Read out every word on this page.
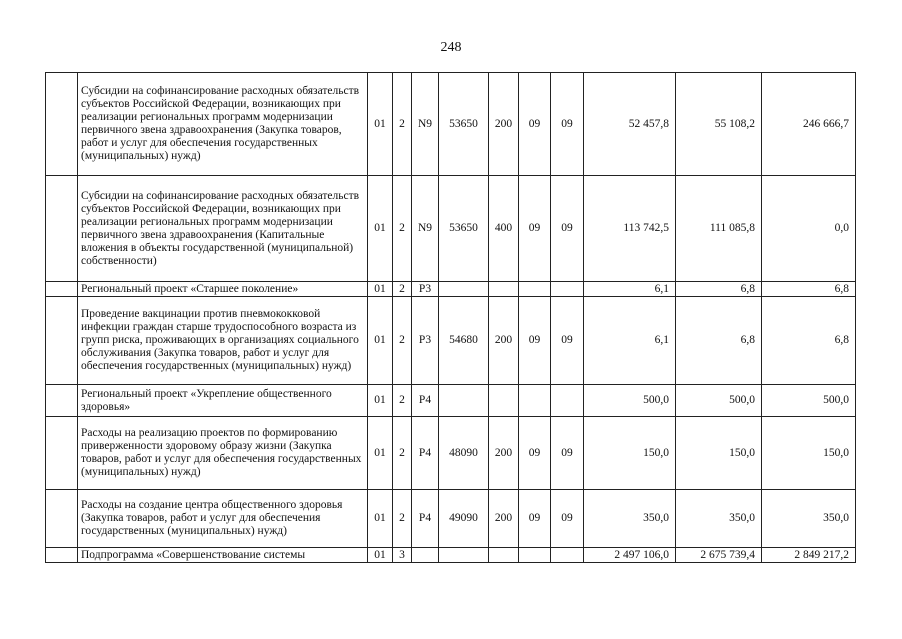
248
	Субсидии на софинансирование расходных обязательств субъектов Российской Федерации, возникающих при реализации региональных программ модернизации первичного звена здравоохранения (Закупка товаров, работ и услуг для обеспечения государственных (муниципальных) нужд)	01	2	N9	53650	200	09	09	52 457,8	55 108,2	246 666,7
	Субсидии на софинансирование расходных обязательств субъектов Российской Федерации, возникающих при реализации региональных программ модернизации первичного звена здравоохранения (Капитальные вложения в объекты государственной (муниципальной) собственности)	01	2	N9	53650	400	09	09	113 742,5	111 085,8	0,0
	Региональный проект «Старшее поколение»	01	2	P3					6,1	6,8	6,8
	Проведение вакцинации против пневмококковой инфекции граждан старше трудоспособного возраста из групп риска, проживающих в организациях социального обслуживания (Закупка товаров, работ и услуг для обеспечения государственных (муниципальных) нужд)	01	2	P3	54680	200	09	09	6,1	6,8	6,8
	Региональный проект «Укрепление общественного здоровья»	01	2	P4					500,0	500,0	500,0
	Расходы на реализацию проектов по формированию приверженности здоровому образу жизни (Закупка товаров, работ и услуг для обеспечения государственных (муниципальных) нужд)	01	2	P4	48090	200	09	09	150,0	150,0	150,0
	Расходы на создание центра общественного здоровья (Закупка товаров, работ и услуг для обеспечения государственных (муниципальных) нужд)	01	2	P4	49090	200	09	09	350,0	350,0	350,0
	Подпрограмма «Совершенствование системы	01	3						2 497 106,0	2 675 739,4	2 849 217,2
